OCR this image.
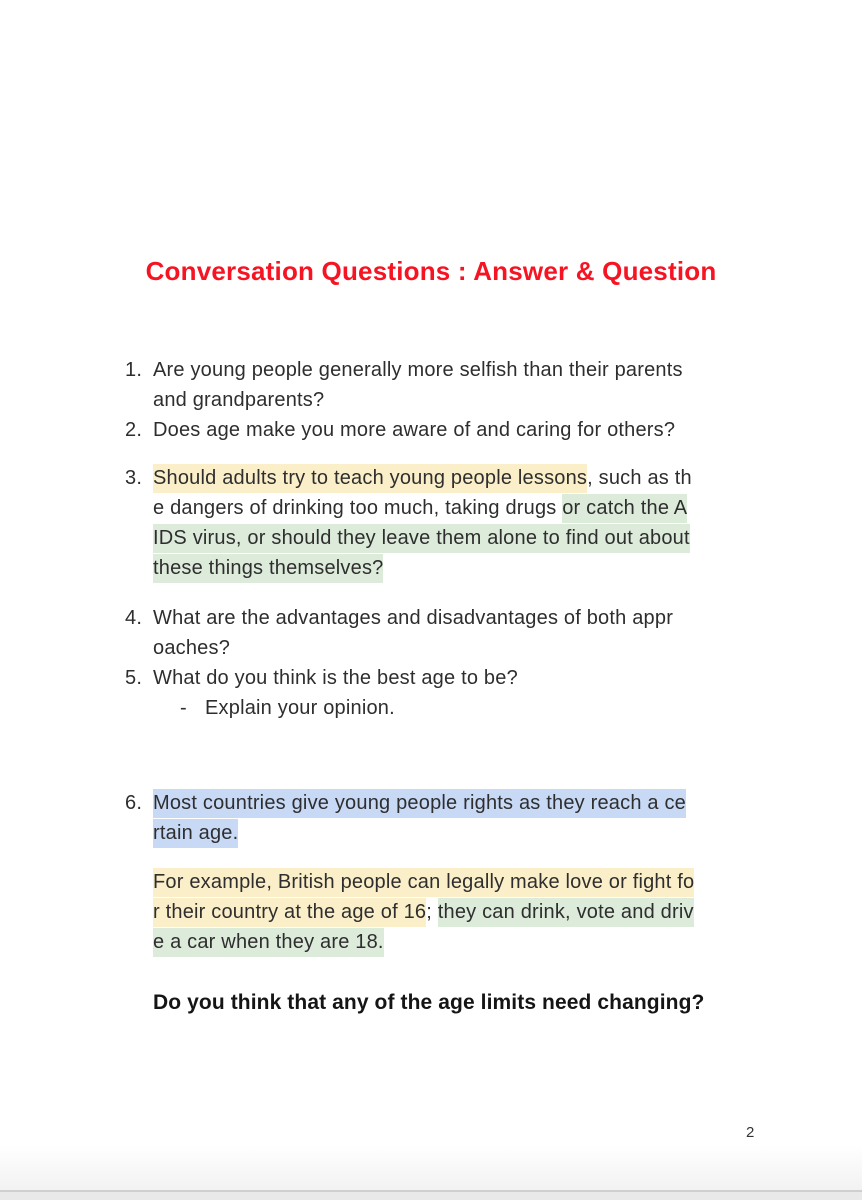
Conversation Questions : Answer & Question
1. Are young people generally more selfish than their parents
and grandparents?
2. Does age make you more aware of and caring for others?
3. Should adults try to teach young people lessons, such as th
e dangers of drinking too much, taking drugs or catch the A
IDS virus, or should they leave them alone to find out about
these things themselves?
4. What are the advantages and disadvantages of both appr
oaches?
5. What do you think is the best age to be?
- Explain your opinion.
6. Most countries give young people rights as they reach a ce
rtain age.
For example, British people can legally make love or fight fo
r their country at the age of 16; they can drink, vote and driv
e a car when they are 18.
Do you think that any of the age limits need changing?
2
